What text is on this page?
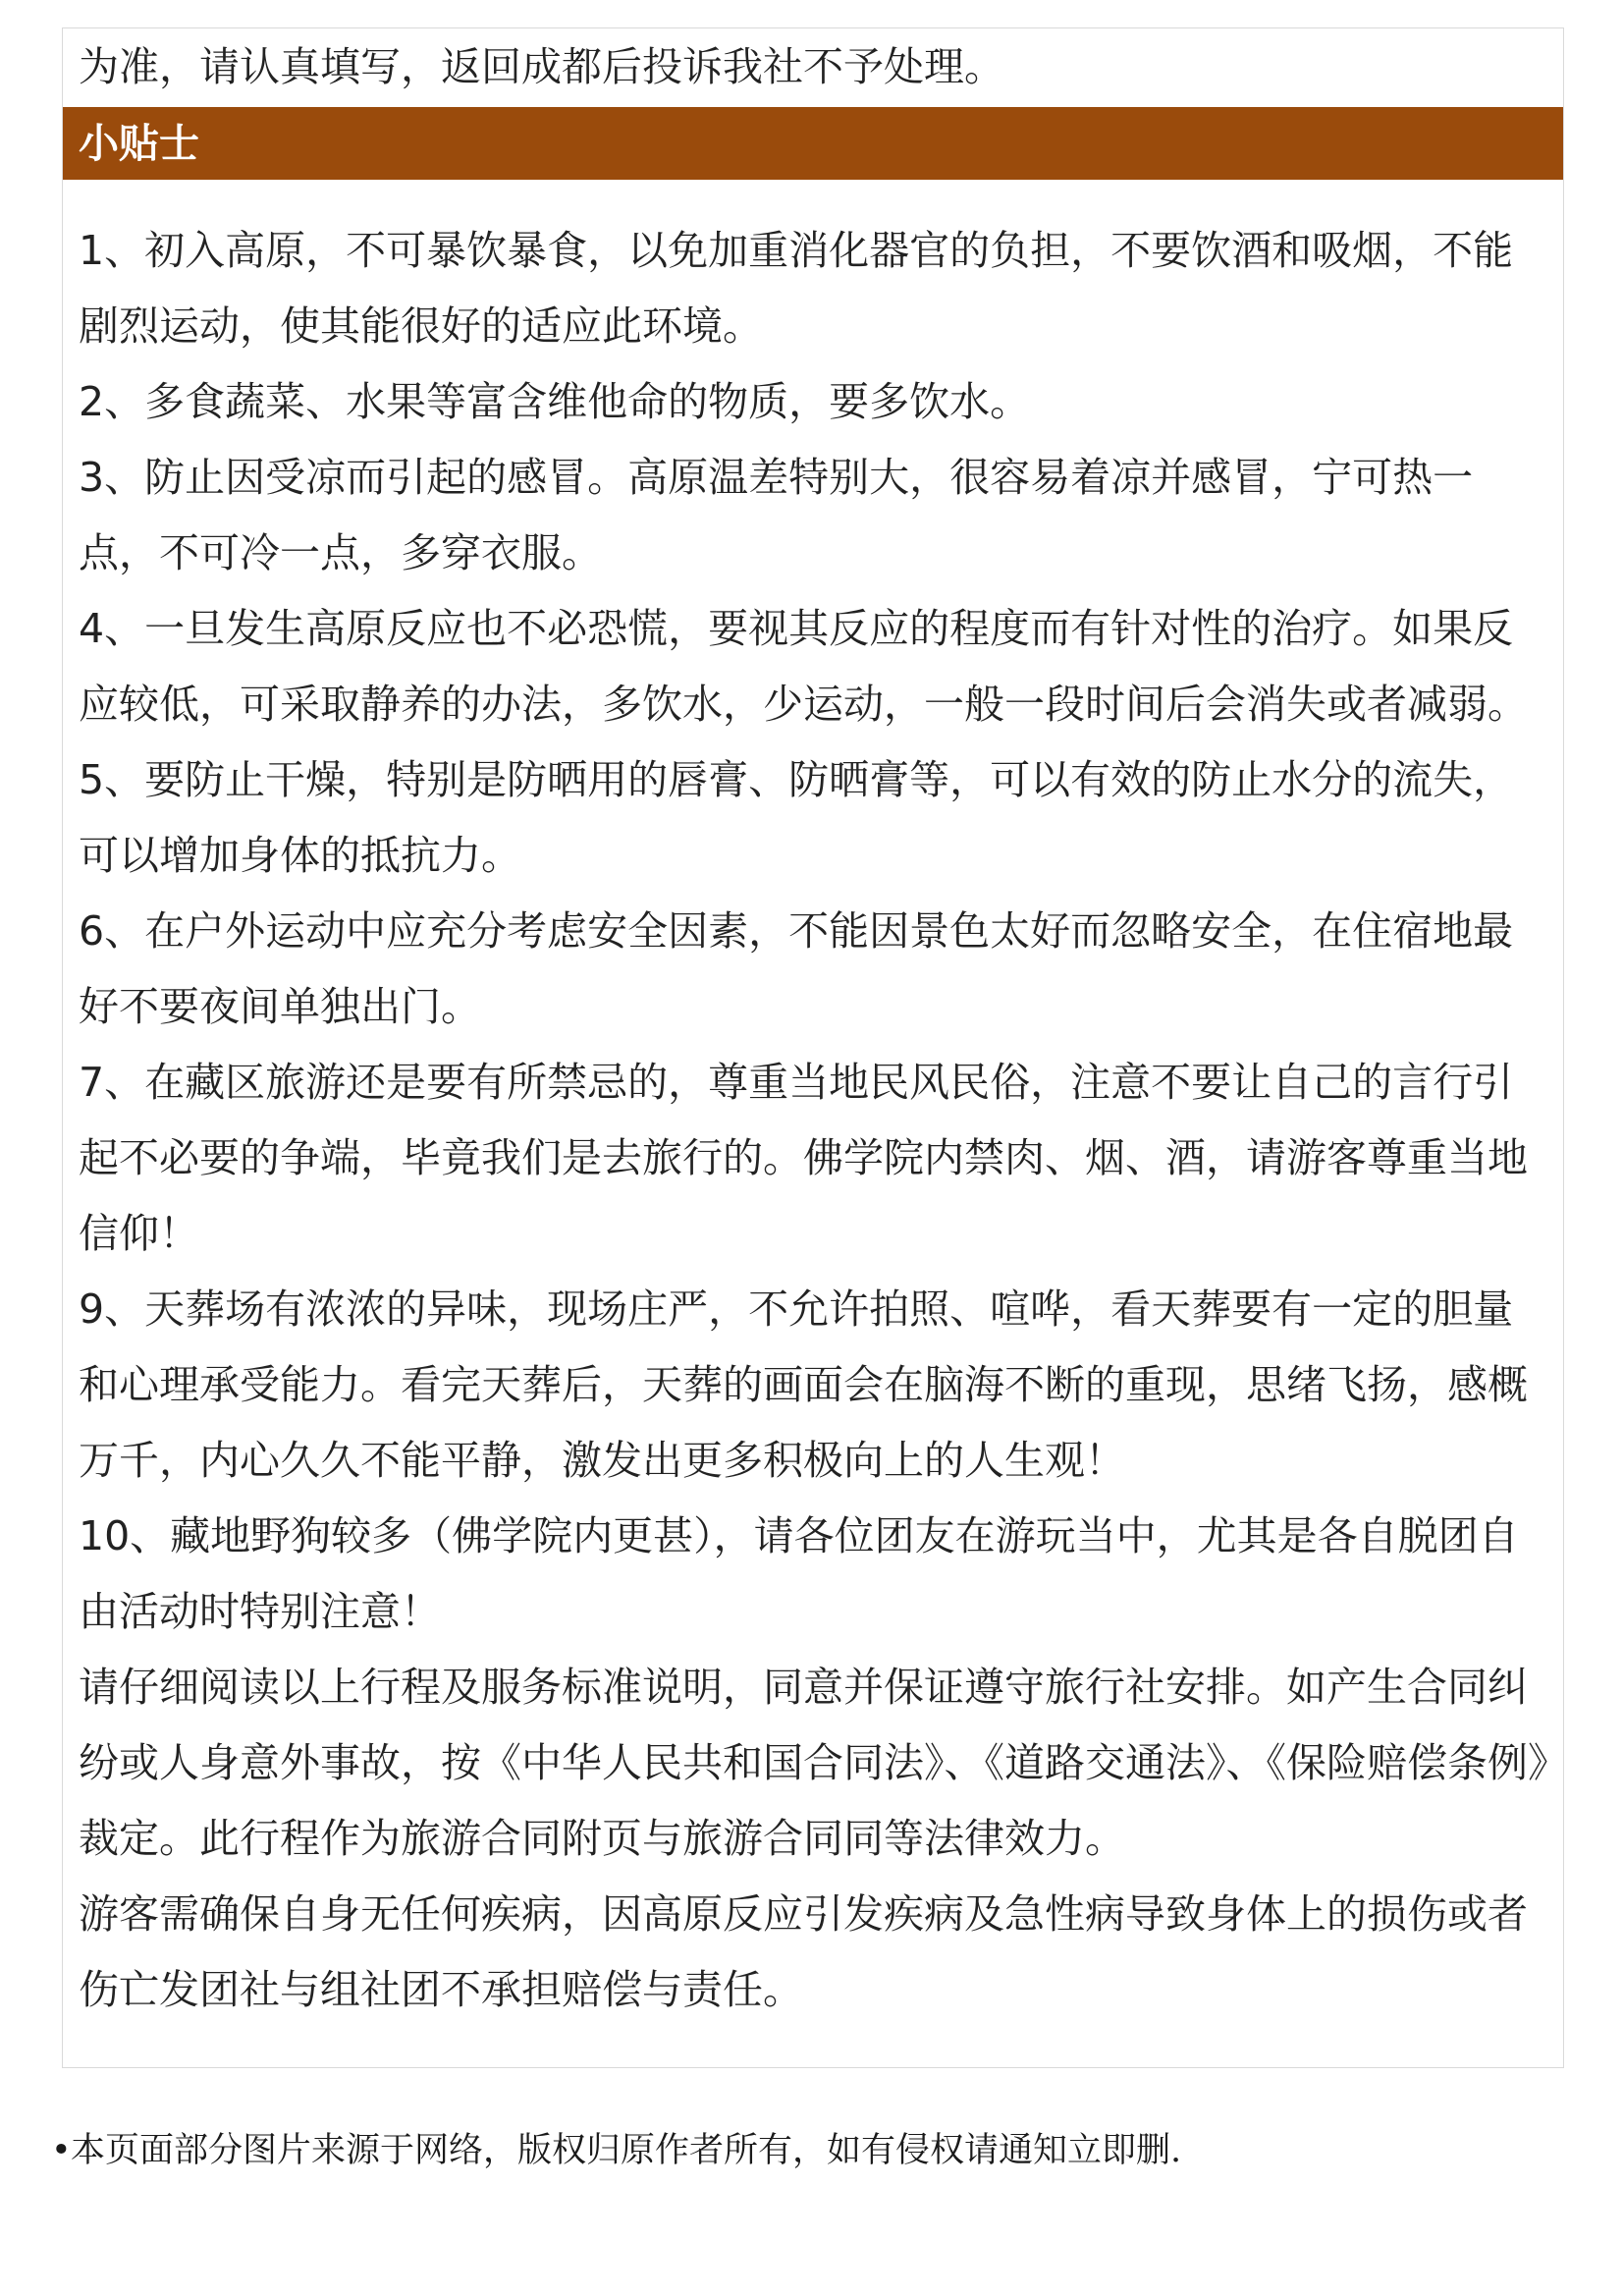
为准，请认真填写，返回成都后投诉我社不予处理。
小贴士

1、初入高原，不可暴饮暴食，以免加重消化器官的负担，不要饮酒和吸烟，不能剧烈运动，使其能很好的适应此环境。

2、多食蔬菜、水果等富含维他命的物质，要多饮水。

3、防止因受凉而引起的感冒。高原温差特别大，很容易着凉并感冒，宁可热一点，不可冷一点，多穿衣服。

4、一旦发生高原反应也不必恐慌，要视其反应的程度而有针对性的治疗。如果反应较低，可采取静养的办法，多饮水，少运动，一般一段时间后会消失或者减弱。

5、要防止干燥，特别是防晒用的唇膏、防晒膏等，可以有效的防止水分的流失，可以增加身体的抵抗力。

6、在户外运动中应充分考虑安全因素，不能因景色太好而忽略安全，在住宿地最好不要夜间单独出门。

7、在藏区旅游还是要有所禁忌的，尊重当地民风民俗，注意不要让自己的言行引起不必要的争端，毕竟我们是去旅行的。佛学院内禁肉、烟、酒，请游客尊重当地信仰！

9、天葬场有浓浓的异味，现场庄严，不允许拍照、喧哗，看天葬要有一定的胆量和心理承受能力。看完天葬后，天葬的画面会在脑海不断的重现，思绪飞扬，感概万千，内心久久不能平静，激发出更多积极向上的人生观！

10、藏地野狗较多（佛学院内更甚），请各位团友在游玩当中，尤其是各自脱团自由活动时特别注意！

请仔细阅读以上行程及服务标准说明，同意并保证遵守旅行社安排。如产生合同纠纷或人身意外事故，按《中华人民共和国合同法》、《道路交通法》、《保险赔偿条例》裁定。此行程作为旅游合同附页与旅游合同同等法律效力。

游客需确保自身无任何疾病，因高原反应引发疾病及急性病导致身体上的损伤或者伤亡发团社与组社团不承担赔偿与责任。

•本页面部分图片来源于网络，版权归原作者所有，如有侵权请通知立即删.
